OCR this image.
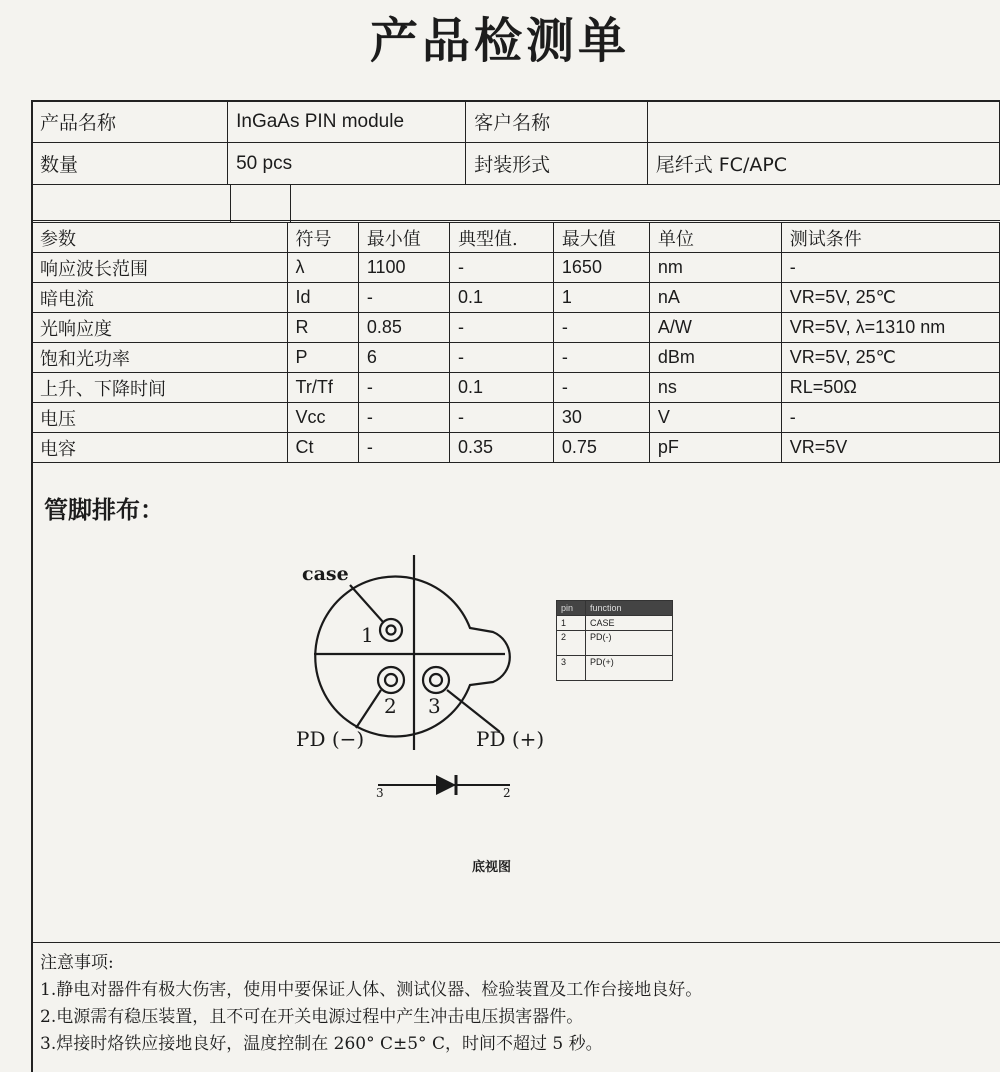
产品检测单
产品名称	InGaAs PIN module	客户名称	
数量	50 pcs	封装形式	尾纤式 FC/APC
参数	符号	最小值	典型值.	最大值	单位	测试条件
响应波长范围	λ	1100	-	1650	nm	-
暗电流	Id	-	0.1	1	nA	VR=5V, 25℃
光响应度	R	0.85	-	-	A/W	VR=5V, λ=1310 nm
饱和光功率	P	6	-	-	dBm	VR=5V, 25℃
上升、下降时间	Tr/Tf	-	0.1	-	ns	RL=50Ω
电压	Vcc	-	-	30	V	-
电容	Ct	-	0.35	0.75	pF	VR=5V
管脚排布：
case
1
2 3
PD (−)	PD (+)
3	2
底视图
pin	function
1	CASE
2	PD(-)
3	PD(+)
注意事项:
1.静电对器件有极大伤害，使用中要保证人体、测试仪器、检验装置及工作台接地良好。
2.电源需有稳压装置，且不可在开关电源过程中产生冲击电压损害器件。
3.焊接时烙铁应接地良好，温度控制在 260° C±5° C，时间不超过 5 秒。
